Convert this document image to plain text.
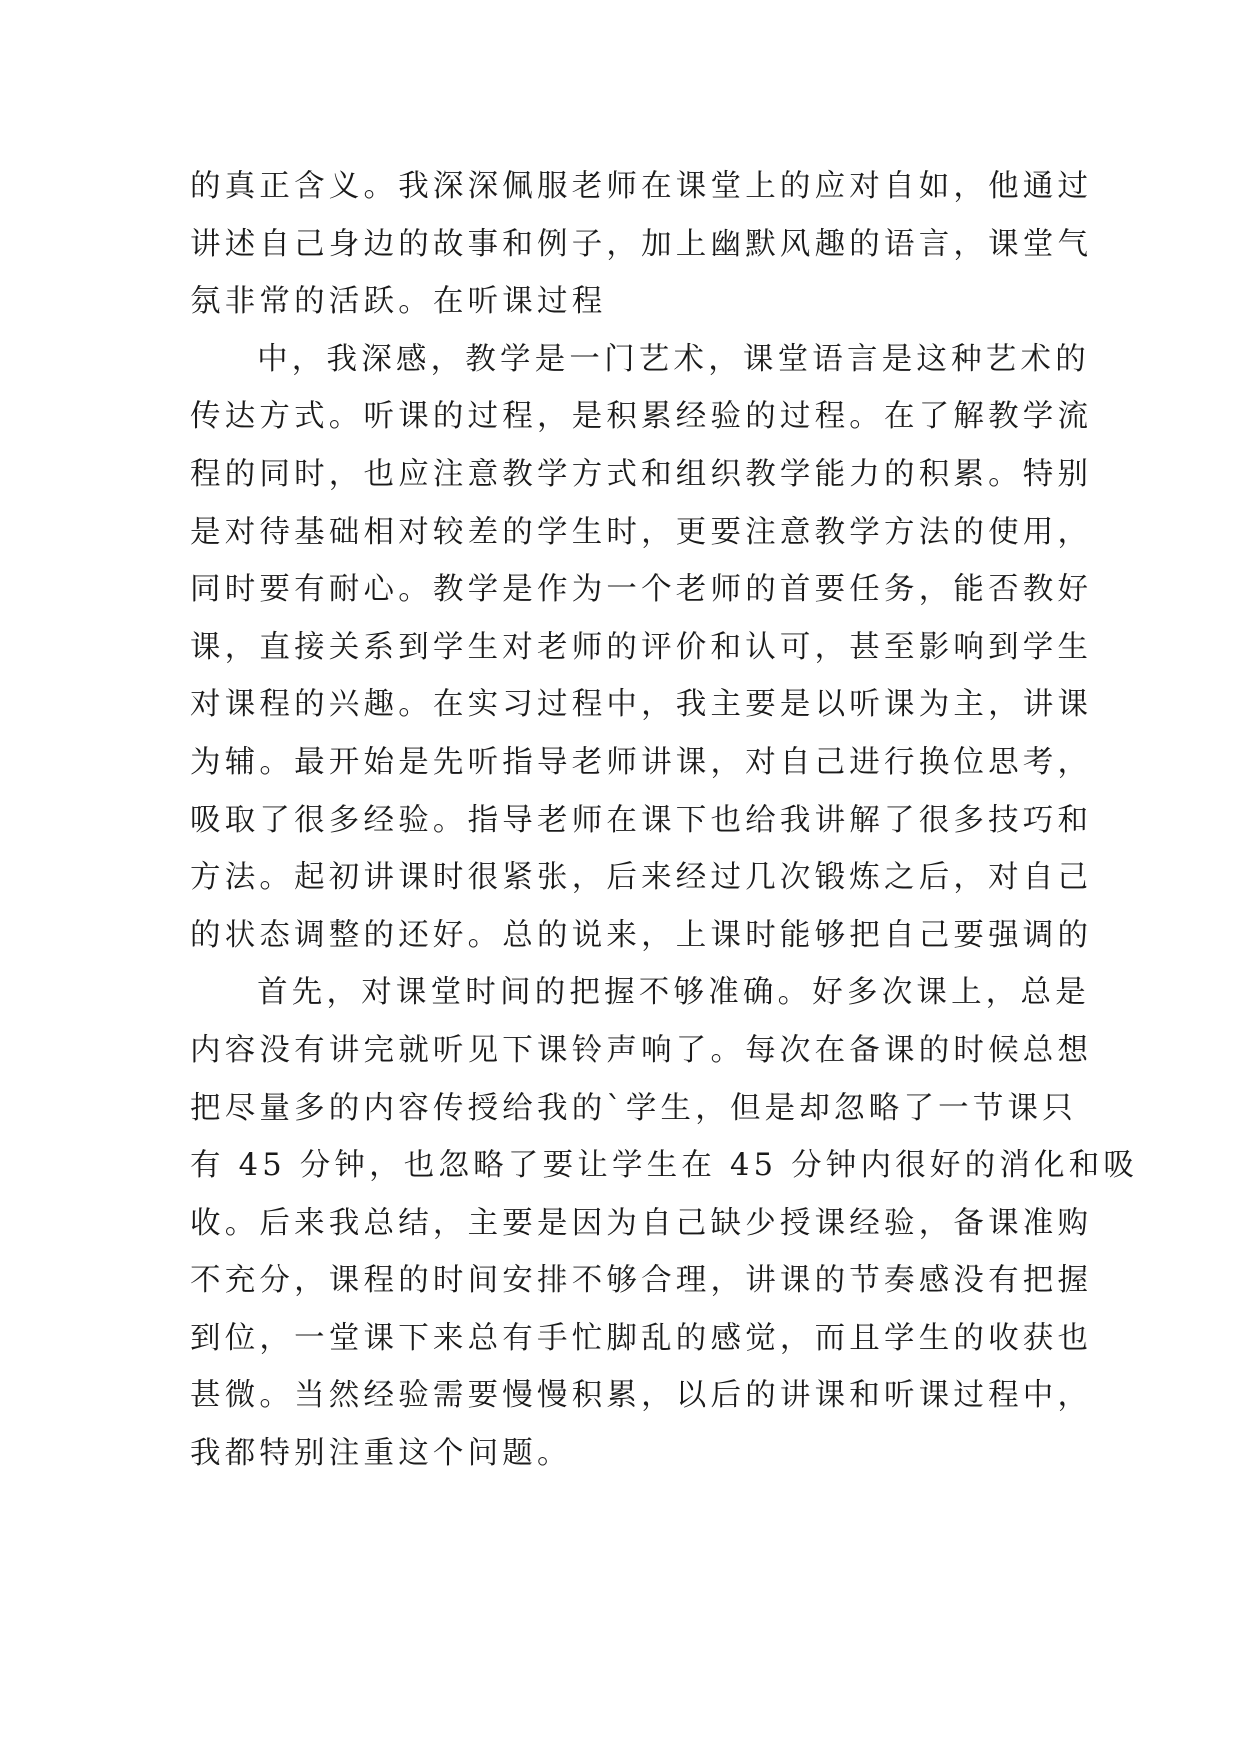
的真正含义。我深深佩服老师在课堂上的应对自如，他通过
讲述自己身边的故事和例子，加上幽默风趣的语言，课堂气
氛非常的活跃。在听课过程

中，我深感，教学是一门艺术，课堂语言是这种艺术的
传达方式。听课的过程，是积累经验的过程。在了解教学流
程的同时，也应注意教学方式和组织教学能力的积累。特别
是对待基础相对较差的学生时，更要注意教学方法的使用，
同时要有耐心。教学是作为一个老师的首要任务，能否教好
课，直接关系到学生对老师的评价和认可，甚至影响到学生
对课程的兴趣。在实习过程中，我主要是以听课为主，讲课
为辅。最开始是先听指导老师讲课，对自己进行换位思考，
吸取了很多经验。指导老师在课下也给我讲解了很多技巧和
方法。起初讲课时很紧张，后来经过几次锻炼之后，对自己
的状态调整的还好。总的说来，上课时能够把自己要强调的

首先，对课堂时间的把握不够准确。好多次课上，总是
内容没有讲完就听见下课铃声响了。每次在备课的时候总想
把尽量多的内容传授给我的`学生，但是却忽略了一节课只
有 45 分钟，也忽略了要让学生在 45 分钟内很好的消化和吸
收。后来我总结，主要是因为自己缺少授课经验，备课准购
不充分，课程的时间安排不够合理，讲课的节奏感没有把握
到位，一堂课下来总有手忙脚乱的感觉，而且学生的收获也
甚微。当然经验需要慢慢积累，以后的讲课和听课过程中，
我都特别注重这个问题。
